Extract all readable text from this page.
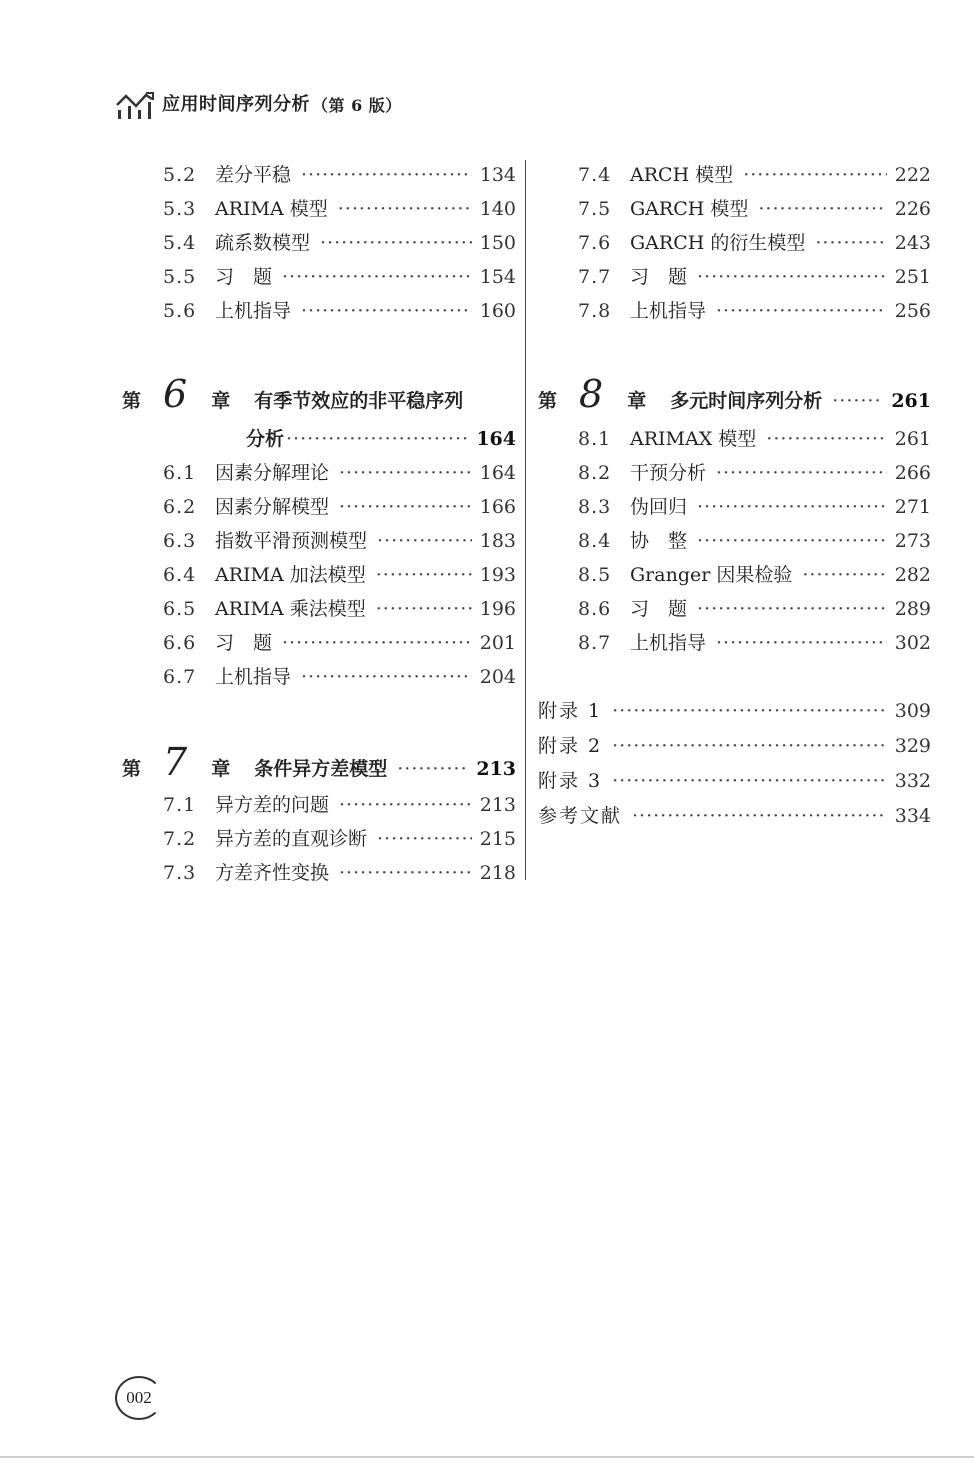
应用时间序列分析 （第 6 版）
5.2 差分平稳 ·····	134
5.3 ARIMA 模型 ·····	140
5.4 疏系数模型 ·····	150
5.5 习　题 ·····	154
5.6 上机指导 ·····	160
第 6 章 有季节效应的非平稳序列
分析 ·····	164
6.1 因素分解理论 ·····	164
6.2 因素分解模型 ·····	166
6.3 指数平滑预测模型 ·····	183
6.4 ARIMA 加法模型 ·····	193
6.5 ARIMA 乘法模型 ·····	196
6.6 习　题 ·····	201
6.7 上机指导 ·····	204
第 7 章 条件异方差模型 ·····	213
7.1 异方差的问题 ·····	213
7.2 异方差的直观诊断 ·····	215
7.3 方差齐性变换 ·····	218
7.4 ARCH 模型 ·····	222
7.5 GARCH 模型 ·····	226
7.6 GARCH 的衍生模型 ·····	243
7.7 习　题 ·····	251
7.8 上机指导 ·····	256
第 8 章 多元时间序列分析 ·····	261
8.1 ARIMAX 模型 ·····	261
8.2 干预分析 ·····	266
8.3 伪回归 ·····	271
8.4 协　整 ·····	273
8.5 Granger 因果检验 ·····	282
8.6 习　题 ·····	289
8.7 上机指导 ·····	302
附录 1 ·····	309
附录 2 ·····	329
附录 3 ·····	332
参考文献 ·····	334
002
